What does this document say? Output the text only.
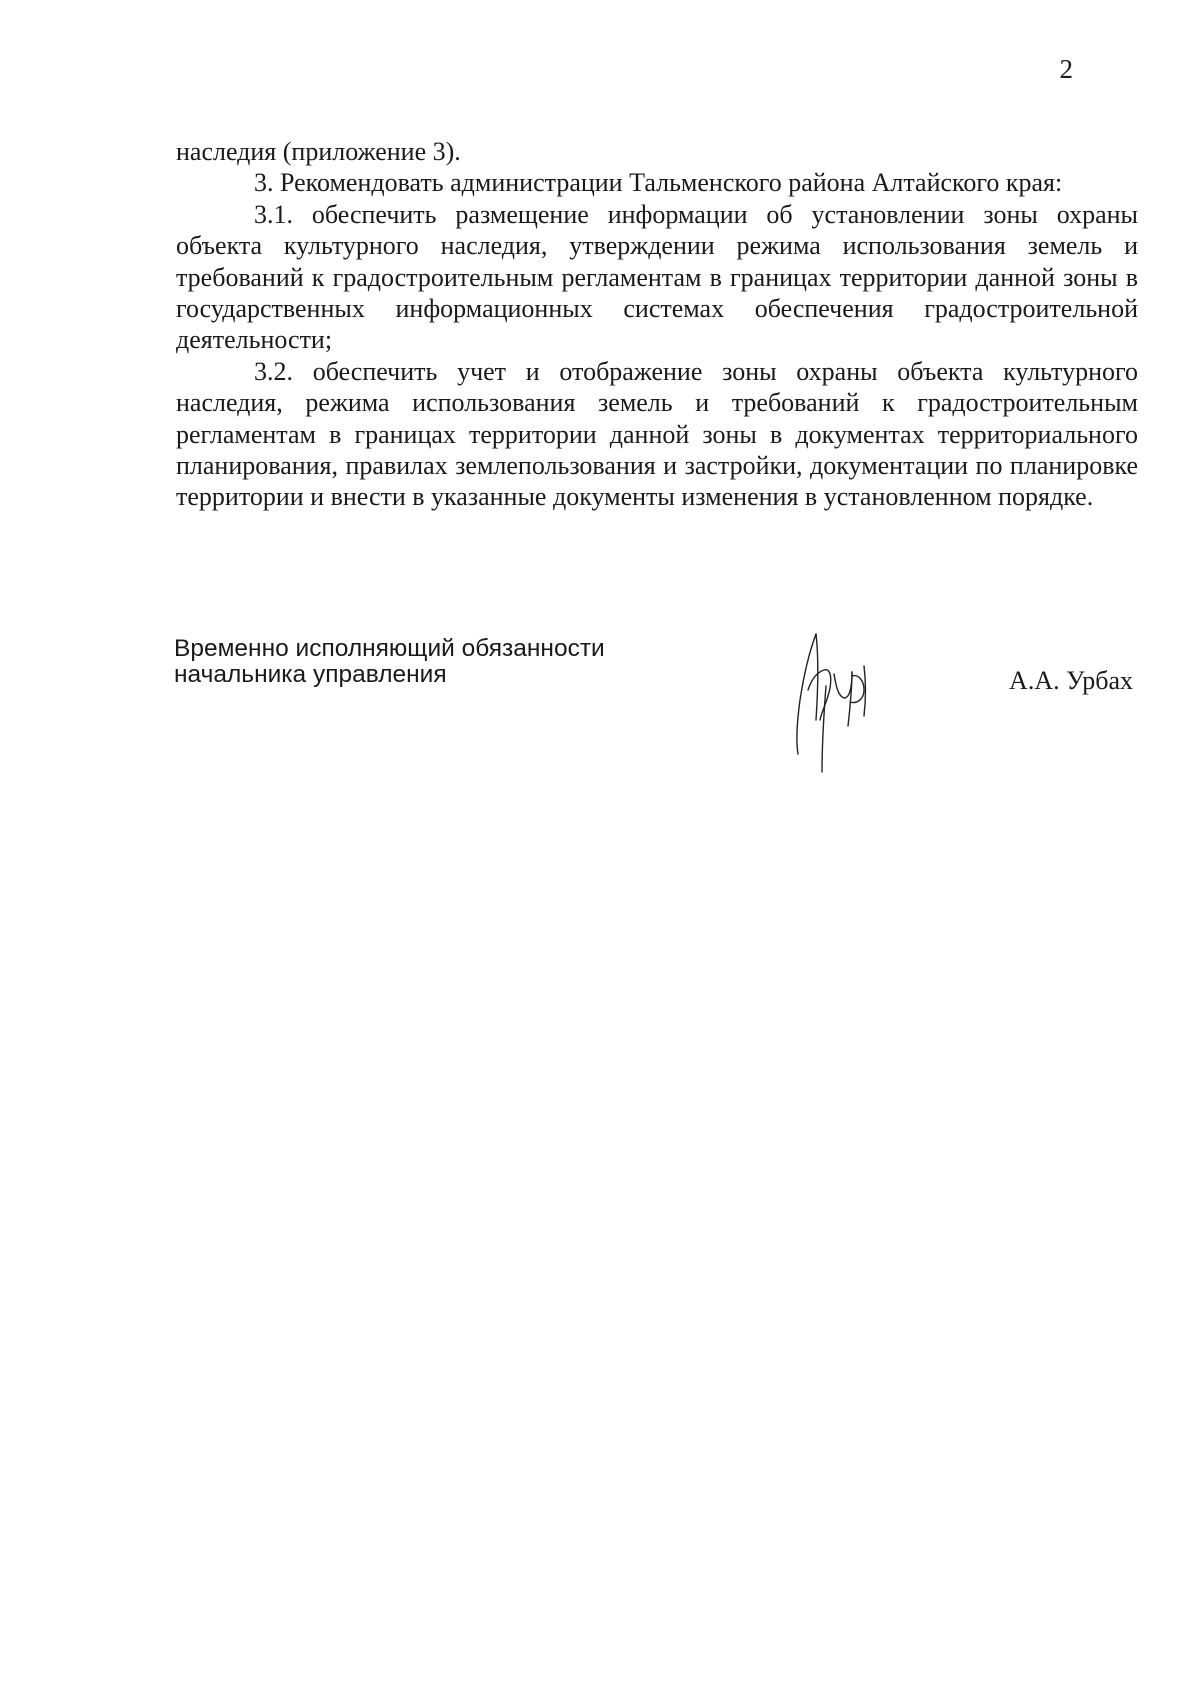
2

наследия (приложение 3).

3. Рекомендовать администрации Тальменского района Алтайского края:

3.1. обеспечить размещение информации об установлении зоны охраны объекта культурного наследия, утверждении режима использования земель и требований к градостроительным регламентам в границах территории данной зоны в государственных информационных системах обеспечения градостроительной деятельности;

3.2. обеспечить учет и отображение зоны охраны объекта культурного наследия, режима использования земель и требований к градостроительным регламентам в границах территории данной зоны в документах территориального планирования, правилах землепользования и застройки, документации по планировке территории и внести в указанные документы изменения в установленном порядке.

Временно исполняющий обязанности
начальника управления	А.А. Урбах
